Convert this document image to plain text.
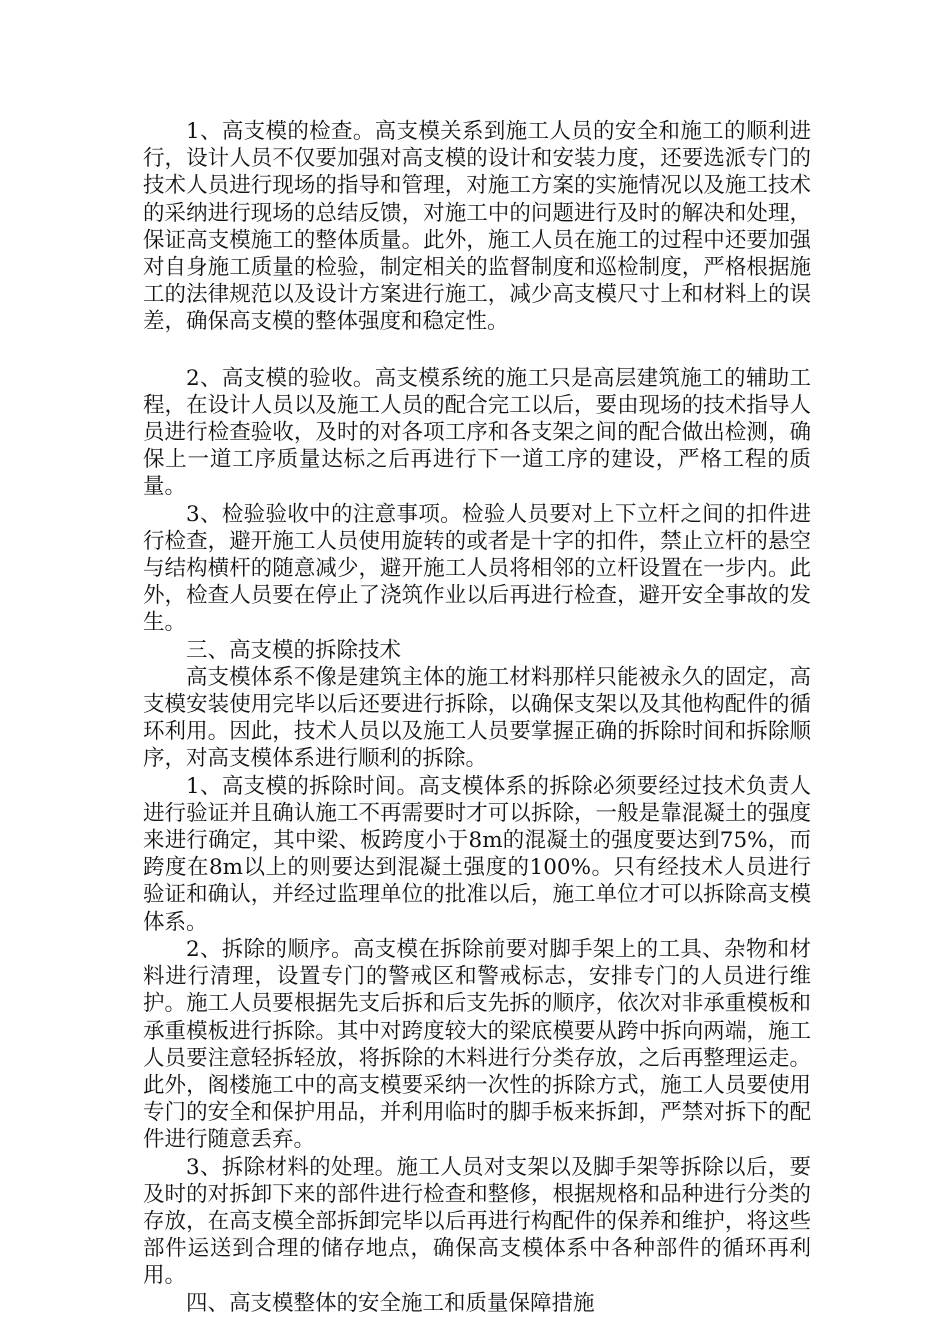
1、高支模的检查。高支模关系到施工人员的安全和施工的顺利进行，设计人员不仅要加强对高支模的设计和安装力度，还要选派专门的技术人员进行现场的指导和管理，对施工方案的实施情况以及施工技术的采纳进行现场的总结反馈，对施工中的问题进行及时的解决和处理，保证高支模施工的整体质量。此外，施工人员在施工的过程中还要加强对自身施工质量的检验，制定相关的监督制度和巡检制度，严格根据施工的法律规范以及设计方案进行施工，减少高支模尺寸上和材料上的误差，确保高支模的整体强度和稳定性。

2、高支模的验收。高支模系统的施工只是高层建筑施工的辅助工程，在设计人员以及施工人员的配合完工以后，要由现场的技术指导人员进行检查验收，及时的对各项工序和各支架之间的配合做出检测，确保上一道工序质量达标之后再进行下一道工序的建设，严格工程的质量。

3、检验验收中的注意事项。检验人员要对上下立杆之间的扣件进行检查，避开施工人员使用旋转的或者是十字的扣件，禁止立杆的悬空与结构横杆的随意减少，避开施工人员将相邻的立杆设置在一步内。此外，检查人员要在停止了浇筑作业以后再进行检查，避开安全事故的发生。

三、高支模的拆除技术

高支模体系不像是建筑主体的施工材料那样只能被永久的固定，高支模安装使用完毕以后还要进行拆除，以确保支架以及其他构配件的循环利用。因此，技术人员以及施工人员要掌握正确的拆除时间和拆除顺序，对高支模体系进行顺利的拆除。

1、高支模的拆除时间。高支模体系的拆除必须要经过技术负责人进行验证并且确认施工不再需要时才可以拆除，一般是靠混凝土的强度来进行确定，其中梁、板跨度小于8m的混凝土的强度要达到75%，而跨度在8m以上的则要达到混凝土强度的100%。只有经技术人员进行验证和确认，并经过监理单位的批准以后，施工单位才可以拆除高支模体系。

2、拆除的顺序。高支模在拆除前要对脚手架上的工具、杂物和材料进行清理，设置专门的警戒区和警戒标志，安排专门的人员进行维护。施工人员要根据先支后拆和后支先拆的顺序，依次对非承重模板和承重模板进行拆除。其中对跨度较大的梁底模要从跨中拆向两端，施工人员要注意轻拆轻放，将拆除的木料进行分类存放，之后再整理运走。此外，阁楼施工中的高支模要采纳一次性的拆除方式，施工人员要使用专门的安全和保护用品，并利用临时的脚手板来拆卸，严禁对拆下的配件进行随意丢弃。

3、拆除材料的处理。施工人员对支架以及脚手架等拆除以后，要及时的对拆卸下来的部件进行检查和整修，根据规格和品种进行分类的存放，在高支模全部拆卸完毕以后再进行构配件的保养和维护，将这些部件运送到合理的储存地点，确保高支模体系中各种部件的循环再利用。

四、高支模整体的安全施工和质量保障措施
